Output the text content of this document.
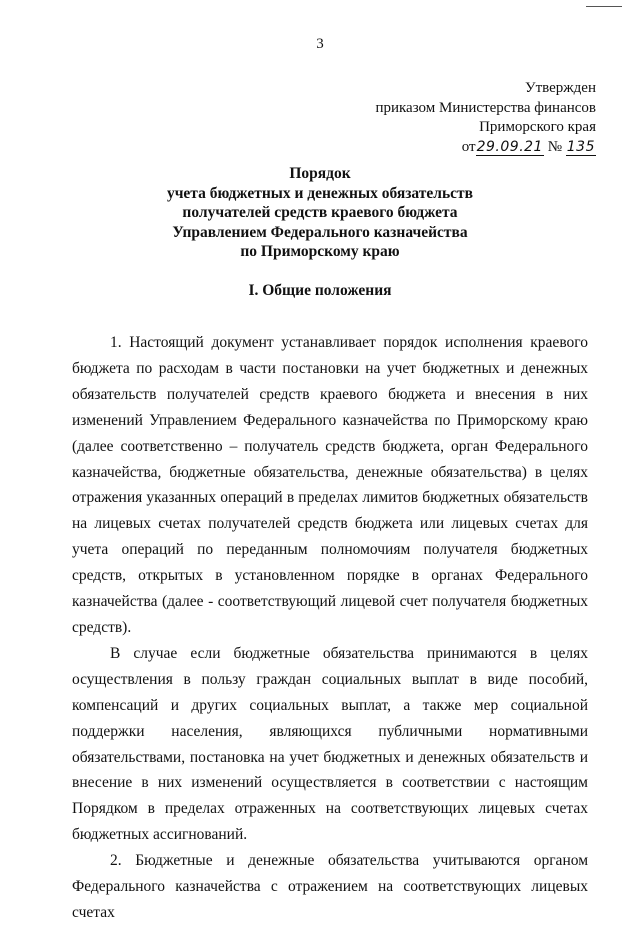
3
Утвержден
приказом Министерства финансов
Приморского края
от29.09.21 № 135
Порядок
учета бюджетных и денежных обязательств
получателей средств краевого бюджета
Управлением Федерального казначейства
по Приморскому краю
I. Общие положения

1. Настоящий документ устанавливает порядок исполнения краевого бюджета по расходам в части постановки на учет бюджетных и денежных обязательств получателей средств краевого бюджета и внесения в них изменений Управлением Федерального казначейства по Приморскому краю (далее соответственно – получатель средств бюджета, орган Федерального казначейства, бюджетные обязательства, денежные обязательства) в целях отражения указанных операций в пределах лимитов бюджетных обязательств на лицевых счетах получателей средств бюджета или лицевых счетах для учета операций по переданным полномочиям получателя бюджетных средств, открытых в установленном порядке в органах Федерального казначейства (далее - соответствующий лицевой счет получателя бюджетных средств).

В случае если бюджетные обязательства принимаются в целях осуществления в пользу граждан социальных выплат в виде пособий, компенсаций и других социальных выплат, а также мер социальной поддержки населения, являющихся публичными нормативными обязательствами, постановка на учет бюджетных и денежных обязательств и внесение в них изменений осуществляется в соответствии с настоящим Порядком в пределах отраженных на соответствующих лицевых счетах бюджетных ассигнований.

2. Бюджетные и денежные обязательства учитываются органом Федерального казначейства с отражением на соответствующих лицевых счетах
